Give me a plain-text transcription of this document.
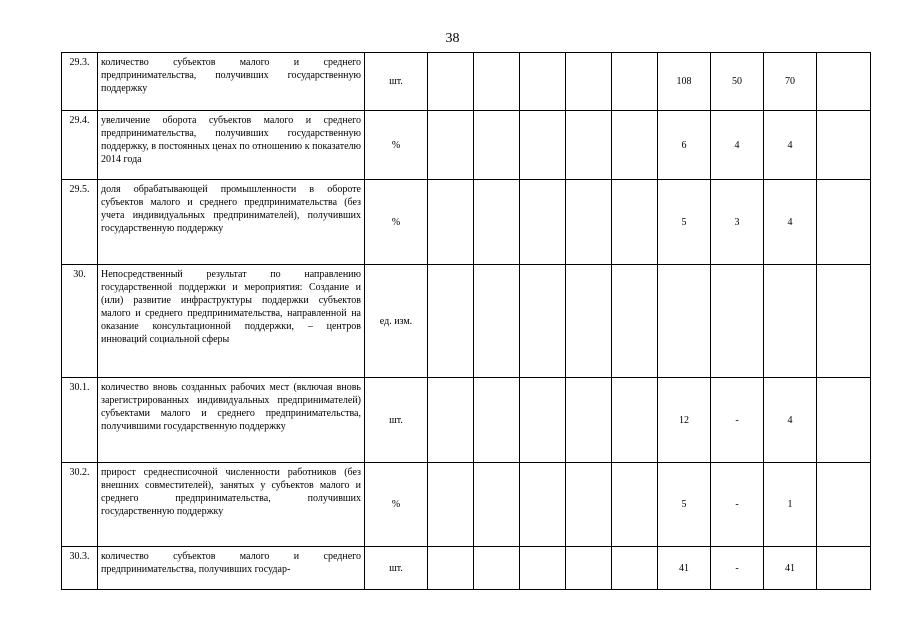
38
29.3.	количество субъектов малого и среднего предпринимательства, получивших государственную поддержку	шт.						108	50	70	
29.4.	увеличение оборота субъектов малого и среднего предпринимательства, получивших государственную поддержку, в постоянных ценах по отношению к показателю 2014 года	%						6	4	4	
29.5.	доля обрабатывающей промышленности в обороте субъектов малого и среднего предпринимательства (без учета индивидуальных предпринимателей), получивших государственную поддержку	%						5	3	4	
30.	Непосредственный результат по направлению государственной поддержки и мероприятия: Создание и (или) развитие инфраструктуры поддержки субъектов малого и среднего предпринимательства, направленной на оказание консультационной поддержки, – центров инноваций социальной сферы	ед. изм.									
30.1.	количество вновь созданных рабочих мест (включая вновь зарегистрированных индивидуальных предпринимателей) субъектами малого и среднего предпринимательства, получившими государственную поддержку	шт.						12	-	4	
30.2.	прирост среднесписочной численности работников (без внешних совместителей), занятых у субъектов малого и среднего предпринимательства, получивших государственную поддержку	%						5	-	1	
30.3.	количество субъектов малого и среднего предпринимательства, получивших государ-	шт.						41	-	41	
